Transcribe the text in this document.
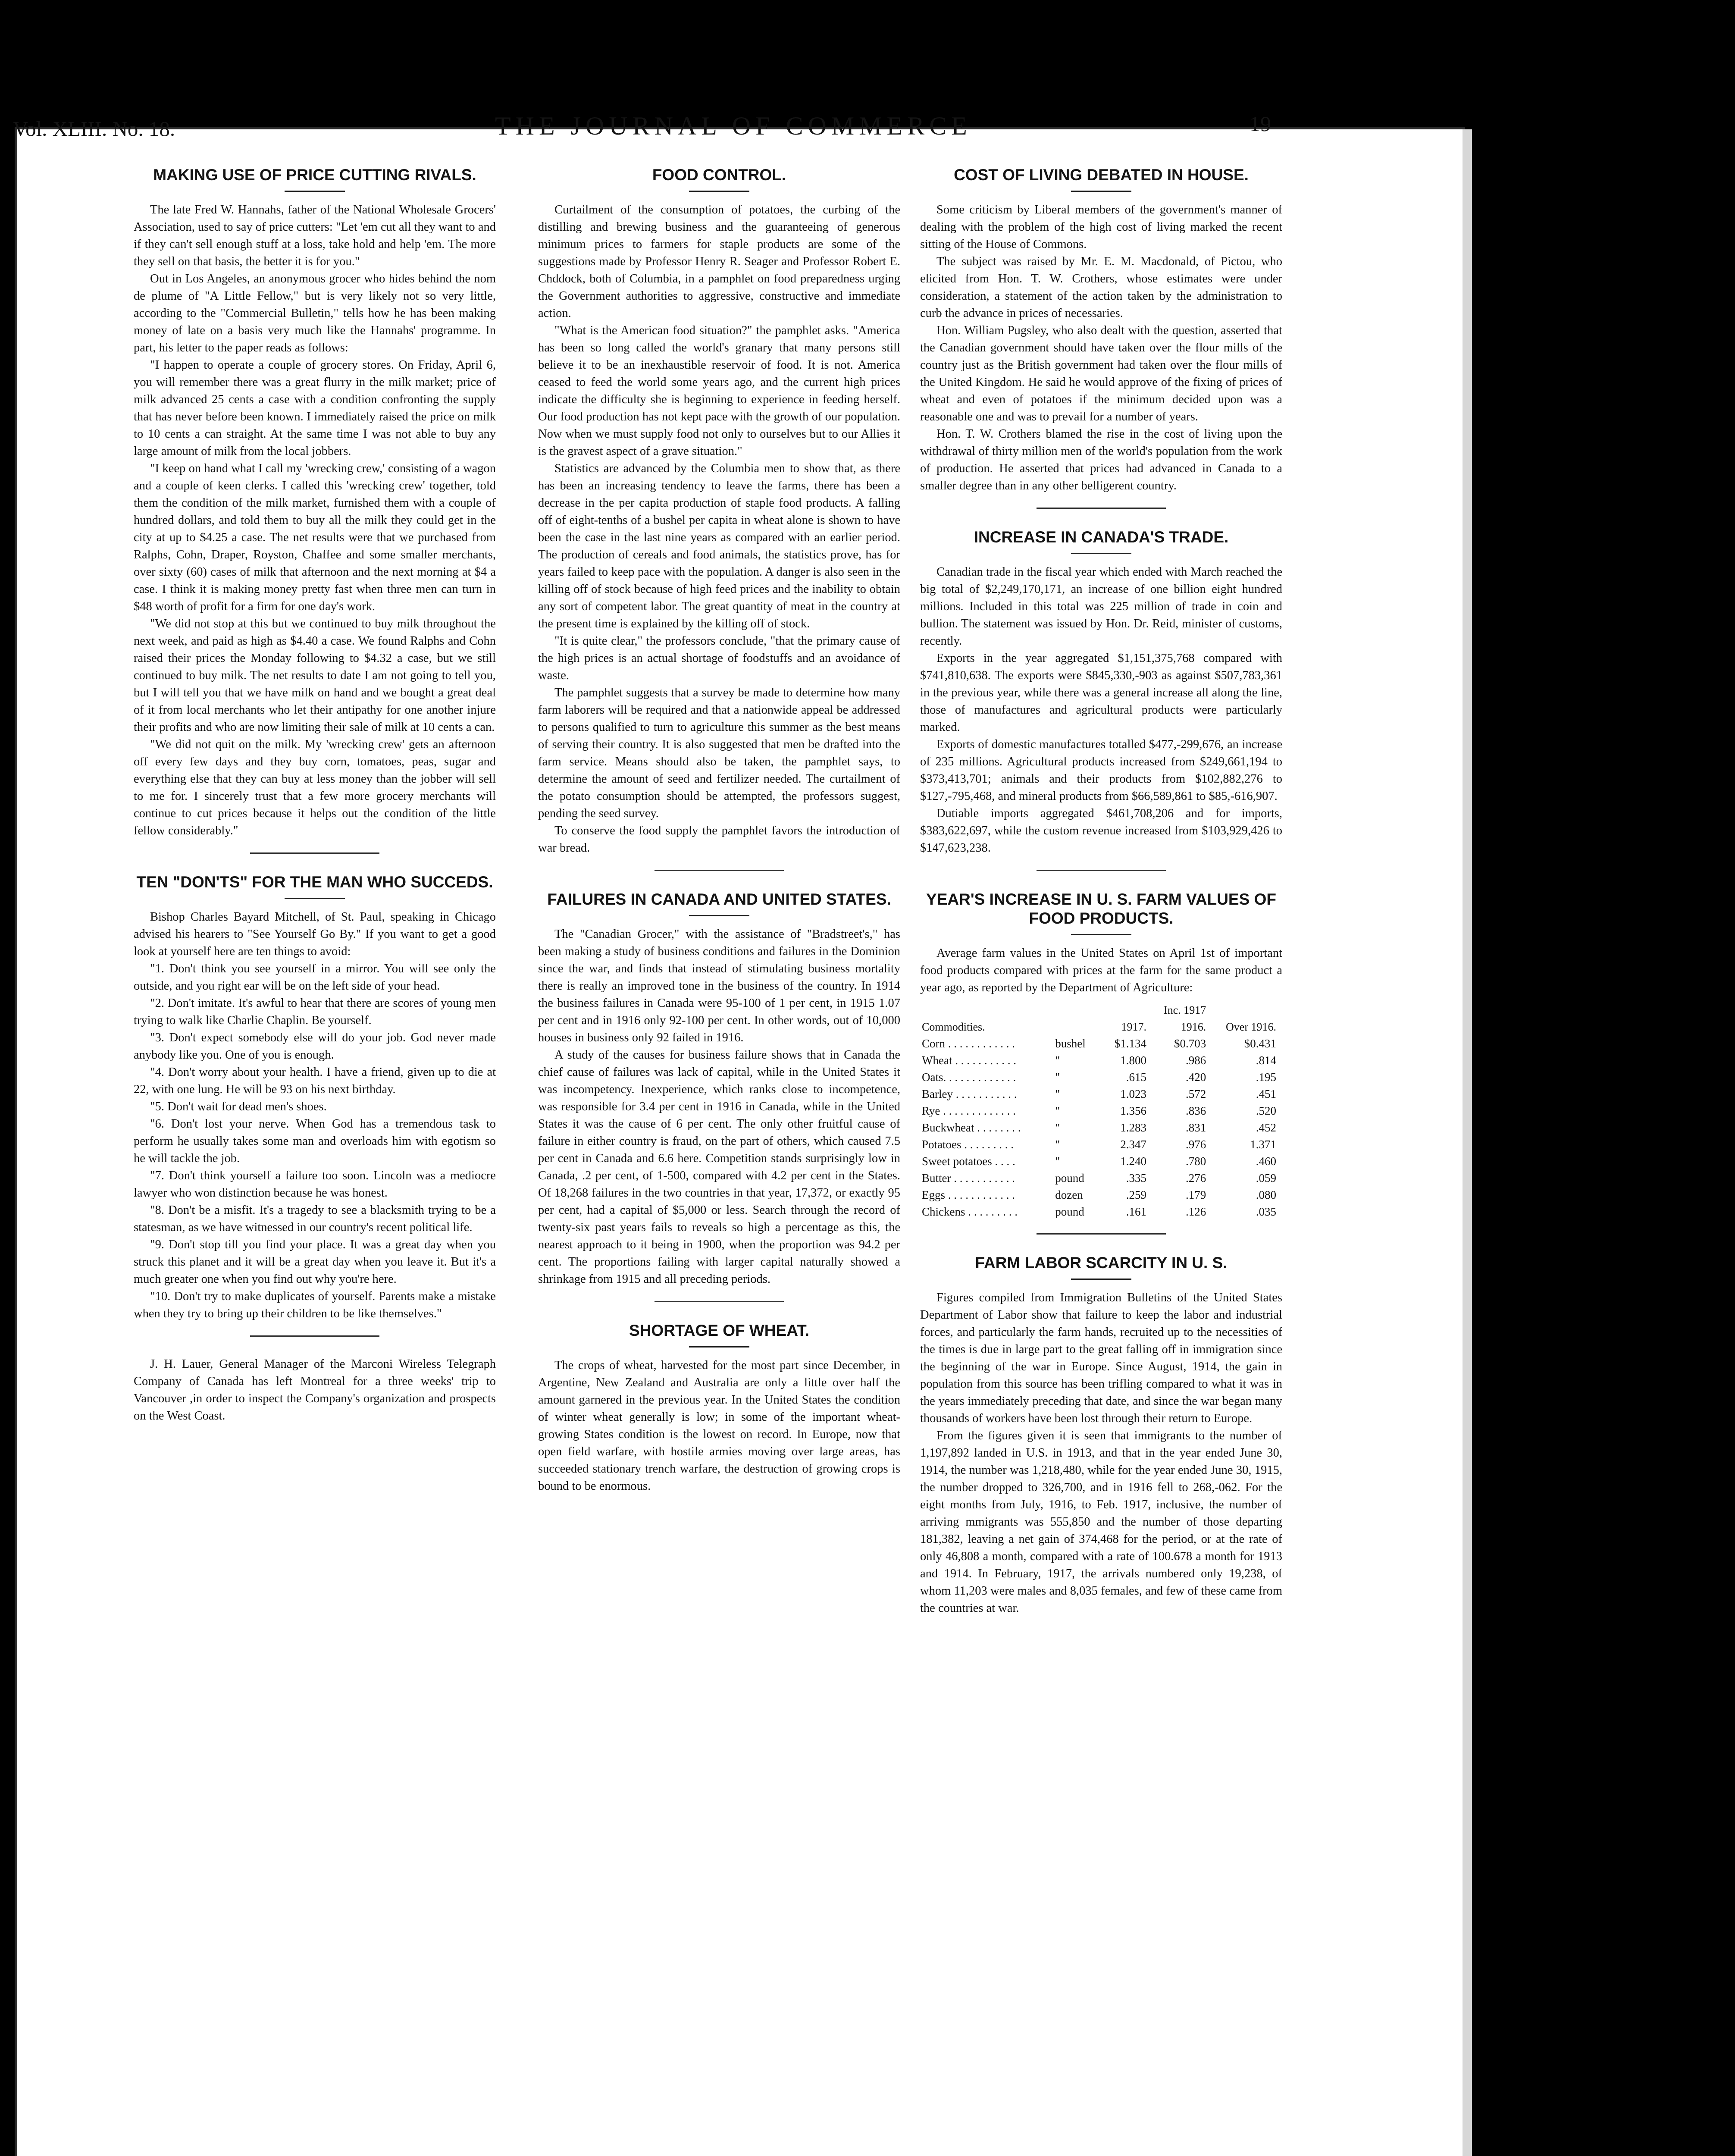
Vol. XLIII. No. 18.	THE JOURNAL OF COMMERCE	19
MAKING USE OF PRICE CUTTING RIVALS.

The late Fred W. Hannahs, father of the National Wholesale Grocers' Association, used to say of price cutters: "Let 'em cut all they want to and if they can't sell enough stuff at a loss, take hold and help 'em. The more they sell on that basis, the better it is for you."

Out in Los Angeles, an anonymous grocer who hides behind the nom de plume of "A Little Fellow," but is very likely not so very little, according to the "Commercial Bulletin," tells how he has been making money of late on a basis very much like the Hannahs' programme. In part, his letter to the paper reads as follows:

"I happen to operate a couple of grocery stores. On Friday, April 6, you will remember there was a great flurry in the milk market; price of milk advanced 25 cents a case with a condition confronting the supply that has never before been known. I immediately raised the price on milk to 10 cents a can straight. At the same time I was not able to buy any large amount of milk from the local jobbers.

"I keep on hand what I call my 'wrecking crew,' consisting of a wagon and a couple of keen clerks. I called this 'wrecking crew' together, told them the condition of the milk market, furnished them with a couple of hundred dollars, and told them to buy all the milk they could get in the city at up to $4.25 a case. The net results were that we purchased from Ralphs, Cohn, Draper, Royston, Chaffee and some smaller merchants, over sixty (60) cases of milk that afternoon and the next morning at $4 a case. I think it is making money pretty fast when three men can turn in $48 worth of profit for a firm for one day's work.

"We did not stop at this but we continued to buy milk throughout the next week, and paid as high as $4.40 a case. We found Ralphs and Cohn raised their prices the Monday following to $4.32 a case, but we still continued to buy milk. The net results to date I am not going to tell you, but I will tell you that we have milk on hand and we bought a great deal of it from local merchants who let their antipathy for one another injure their profits and who are now limiting their sale of milk at 10 cents a can.

"We did not quit on the milk. My 'wrecking crew' gets an afternoon off every few days and they buy corn, tomatoes, peas, sugar and everything else that they can buy at less money than the jobber will sell to me for. I sincerely trust that a few more grocery merchants will continue to cut prices because it helps out the condition of the little fellow considerably."

TEN "DON'TS" FOR THE MAN WHO SUCCEDS.

Bishop Charles Bayard Mitchell, of St. Paul, speaking in Chicago advised his hearers to "See Yourself Go By." If you want to get a good look at yourself here are ten things to avoid:

"1. Don't think you see yourself in a mirror. You will see only the outside, and you right ear will be on the left side of your head.

"2. Don't imitate. It's awful to hear that there are scores of young men trying to walk like Charlie Chaplin. Be yourself.

"3. Don't expect somebody else will do your job. God never made anybody like you. One of you is enough.

"4. Don't worry about your health. I have a friend, given up to die at 22, with one lung. He will be 93 on his next birthday.

"5. Don't wait for dead men's shoes.

"6. Don't lost your nerve. When God has a tremendous task to perform he usually takes some man and overloads him with egotism so he will tackle the job.

"7. Don't think yourself a failure too soon. Lincoln was a mediocre lawyer who won distinction because he was honest.

"8. Don't be a misfit. It's a tragedy to see a blacksmith trying to be a statesman, as we have witnessed in our country's recent political life.

"9. Don't stop till you find your place. It was a great day when you struck this planet and it will be a great day when you leave it. But it's a much greater one when you find out why you're here.

"10. Don't try to make duplicates of yourself. Parents make a mistake when they try to bring up their children to be like themselves."

J. H. Lauer, General Manager of the Marconi Wireless Telegraph Company of Canada has left Montreal for a three weeks' trip to Vancouver ,in order to inspect the Company's organization and prospects on the West Coast.

FOOD CONTROL.

Curtailment of the consumption of potatoes, the curbing of the distilling and brewing business and the guaranteeing of generous minimum prices to farmers for staple products are some of the suggestions made by Professor Henry R. Seager and Professor Robert E. Chddock, both of Columbia, in a pamphlet on food preparedness urging the Government authorities to aggressive, constructive and immediate action.

"What is the American food situation?" the pamphlet asks. "America has been so long called the world's granary that many persons still believe it to be an inexhaustible reservoir of food. It is not. America ceased to feed the world some years ago, and the current high prices indicate the difficulty she is beginning to experience in feeding herself. Our food production has not kept pace with the growth of our population. Now when we must supply food not only to ourselves but to our Allies it is the gravest aspect of a grave situation."

Statistics are advanced by the Columbia men to show that, as there has been an increasing tendency to leave the farms, there has been a decrease in the per capita production of staple food products. A falling off of eight-tenths of a bushel per capita in wheat alone is shown to have been the case in the last nine years as compared with an earlier period. The production of cereals and food animals, the statistics prove, has for years failed to keep pace with the population. A danger is also seen in the killing off of stock because of high feed prices and the inability to obtain any sort of competent labor. The great quantity of meat in the country at the present time is explained by the killing off of stock.

"It is quite clear," the professors conclude, "that the primary cause of the high prices is an actual shortage of foodstuffs and an avoidance of waste.

The pamphlet suggests that a survey be made to determine how many farm laborers will be required and that a nationwide appeal be addressed to persons qualified to turn to agriculture this summer as the best means of serving their country. It is also suggested that men be drafted into the farm service. Means should also be taken, the pamphlet says, to determine the amount of seed and fertilizer needed. The curtailment of the potato consumption should be attempted, the professors suggest, pending the seed survey.

To conserve the food supply the pamphlet favors the introduction of war bread.

FAILURES IN CANADA AND UNITED STATES.

The "Canadian Grocer," with the assistance of "Bradstreet's," has been making a study of business conditions and failures in the Dominion since the war, and finds that instead of stimulating business mortality there is really an improved tone in the business of the country. In 1914 the business failures in Canada were 95-100 of 1 per cent, in 1915 1.07 per cent and in 1916 only 92-100 per cent. In other words, out of 10,000 houses in business only 92 failed in 1916.

A study of the causes for business failure shows that in Canada the chief cause of failures was lack of capital, while in the United States it was incompetency. Inexperience, which ranks close to incompetence, was responsible for 3.4 per cent in 1916 in Canada, while in the United States it was the cause of 6 per cent. The only other fruitful cause of failure in either country is fraud, on the part of others, which caused 7.5 per cent in Canada and 6.6 here. Competition stands surprisingly low in Canada, .2 per cent, of 1-500, compared with 4.2 per cent in the States. Of 18,268 failures in the two countries in that year, 17,372, or exactly 95 per cent, had a capital of $5,000 or less. Search through the record of twenty-six past years fails to reveals so high a percentage as this, the nearest approach to it being in 1900, when the proportion was 94.2 per cent. The proportions failing with larger capital naturally showed a shrinkage from 1915 and all preceding periods.

SHORTAGE OF WHEAT.

The crops of wheat, harvested for the most part since December, in Argentine, New Zealand and Australia are only a little over half the amount garnered in the previous year. In the United States the condition of winter wheat generally is low; in some of the important wheat-growing States condition is the lowest on record. In Europe, now that open field warfare, with hostile armies moving over large areas, has succeeded stationary trench warfare, the destruction of growing crops is bound to be enormous.

COST OF LIVING DEBATED IN HOUSE.

Some criticism by Liberal members of the government's manner of dealing with the problem of the high cost of living marked the recent sitting of the House of Commons.

The subject was raised by Mr. E. M. Macdonald, of Pictou, who elicited from Hon. T. W. Crothers, whose estimates were under consideration, a statement of the action taken by the administration to curb the advance in prices of necessaries.

Hon. William Pugsley, who also dealt with the question, asserted that the Canadian government should have taken over the flour mills of the country just as the British government had taken over the flour mills of the United Kingdom. He said he would approve of the fixing of prices of wheat and even of potatoes if the minimum decided upon was a reasonable one and was to prevail for a number of years.

Hon. T. W. Crothers blamed the rise in the cost of living upon the withdrawal of thirty million men of the world's population from the work of production. He asserted that prices had advanced in Canada to a smaller degree than in any other belligerent country.

INCREASE IN CANADA'S TRADE.

Canadian trade in the fiscal year which ended with March reached the big total of $2,249,170,171, an increase of one billion eight hundred millions. Included in this total was 225 million of trade in coin and bullion. The statement was issued by Hon. Dr. Reid, minister of customs, recently.

Exports in the year aggregated $1,151,375,768 compared with $741,810,638. The exports were $845,330,-903 as against $507,783,361 in the previous year, while there was a general increase all along the line, those of manufactures and agricultural products were particularly marked.

Exports of domestic manufactures totalled $477,-299,676, an increase of 235 millions. Agricultural products increased from $249,661,194 to $373,413,701; animals and their products from $102,882,276 to $127,-795,468, and mineral products from $66,589,861 to $85,-616,907.

Dutiable imports aggregated $461,708,206 and for imports, $383,622,697, while the custom revenue increased from $103,929,426 to $147,623,238.

YEAR'S INCREASE IN U. S. FARM VALUES OF FOOD PRODUCTS.

Average farm values in the United States on April 1st of important food products compared with prices at the farm for the same product a year ago, as reported by the Department of Agriculture:

				Inc. 1917	
Commodities.			1917.	1916.	Over 1916.
Corn . . . . . . . . . . . .	bushel		$1.134	$0.703	$0.431
Wheat . . . . . . . . . . .	"		1.800	.986	.814
Oats. . . . . . . . . . . . .	"		.615	.420	.195
Barley . . . . . . . . . . .	"		1.023	.572	.451
Rye . . . . . . . . . . . . .	"		1.356	.836	.520
Buckwheat . . . . . . . .	"		1.283	.831	.452
Potatoes . . . . . . . . .	"		2.347	.976	1.371
Sweet potatoes . . . .	"		1.240	.780	.460
Butter . . . . . . . . . . .	pound		.335	.276	.059
Eggs . . . . . . . . . . . .	dozen		.259	.179	.080
Chickens . . . . . . . . .	pound		.161	.126	.035
FARM LABOR SCARCITY IN U. S.

Figures compiled from Immigration Bulletins of the United States Department of Labor show that failure to keep the labor and industrial forces, and particularly the farm hands, recruited up to the necessities of the times is due in large part to the great falling off in immigration since the beginning of the war in Europe. Since August, 1914, the gain in population from this source has been trifling compared to what it was in the years immediately preceding that date, and since the war began many thousands of workers have been lost through their return to Europe.

From the figures given it is seen that immigrants to the number of 1,197,892 landed in U.S. in 1913, and that in the year ended June 30, 1914, the number was 1,218,480, while for the year ended June 30, 1915, the number dropped to 326,700, and in 1916 fell to 268,-062. For the eight months from July, 1916, to Feb. 1917, inclusive, the number of arriving mmigrants was 555,850 and the number of those departing 181,382, leaving a net gain of 374,468 for the period, or at the rate of only 46,808 a month, compared with a rate of 100.678 a month for 1913 and 1914. In February, 1917, the arrivals numbered only 19,238, of whom 11,203 were males and 8,035 females, and few of these came from the countries at war.
